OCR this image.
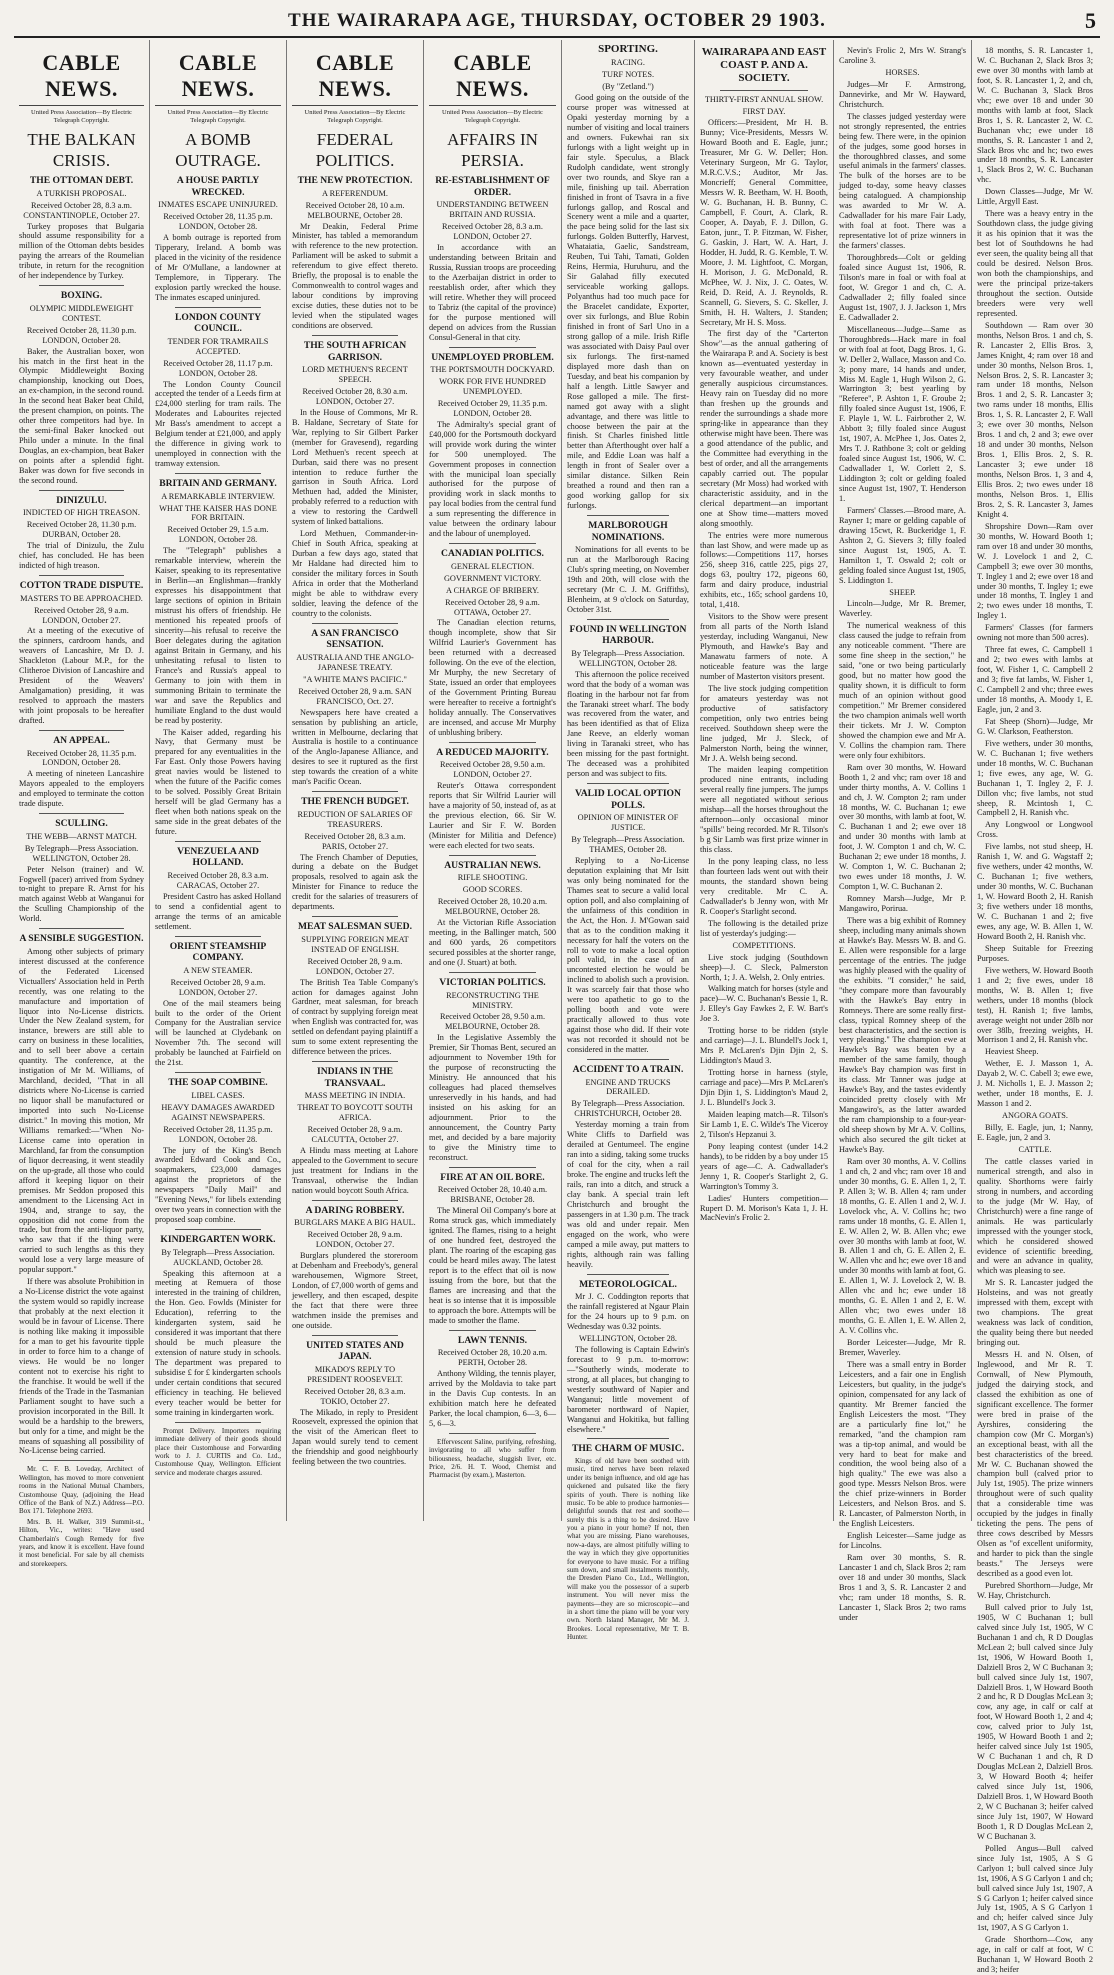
THE WAIRARAPA AGE, THURSDAY, OCTOBER 29 1903.	5
CABLE NEWS.
United Press Association—By Electric Telegraph Copyright.
THE BALKAN CRISIS.
THE OTTOMAN DEBT.
A TURKISH PROPOSAL.
Received October 28, 8.3 a.m. CONSTANTINOPLE, October 27.

Turkey proposes that Bulgaria should assume responsibility for a million of the Ottoman debts besides paying the arrears of the Roumelian tribute, in return for the recognition of her independence by Turkey.

BOXING.
OLYMPIC MIDDLEWEIGHT CONTEST.
Received October 28, 11.30 p.m. LONDON, October 28.

Baker, the Australian boxer, won his match in the first heat in the Olympic Middleweight Boxing championship, knocking out Does, an ex-champion, in the second round. In the second heat Baker beat Child, the present champion, on points. The other three competitors had bye. In the semi-final Baker knocked out Philo under a minute. In the final Douglas, an ex-champion, beat Baker on points after a splendid fight. Baker was down for five seconds in the second round.

DINIZULU.
INDICTED OF HIGH TREASON.
Received October 28, 11.30 p.m. DURBAN, October 28.

The trial of Dinizulu, the Zulu chief, has concluded. He has been indicted of high treason.

COTTON TRADE DISPUTE.
MASTERS TO BE APPROACHED.
Received October 28, 9 a.m. LONDON, October 27.

At a meeting of the executive of the spinners, cardroom hands, and weavers of Lancashire, Mr D. J. Shackleton (Labour M.P., for the Clitheroe Division of Lancashire and President of the Weavers' Amalgamation) presiding, it was resolved to approach the masters with joint proposals to be hereafter drafted.

AN APPEAL.
Received October 28, 11.35 p.m. LONDON, October 28.

A meeting of nineteen Lancashire Mayors appealed to the employers and employed to terminate the cotton trade dispute.

SCULLING.
THE WEBB—ARNST MATCH.
By Telegraph—Press Association. WELLINGTON, October 28.

Peter Nelson (trainer) and W. Fogwell (pacer) arrived from Sydney to-night to prepare R. Arnst for his match against Webb at Wanganui for the Sculling Championship of the World.

A SENSIBLE SUGGESTION.

Among other subjects of primary interest discussed at the conference of the Federated Licensed Victuallers' Association held in Perth recently, was one relating to the manufacture and importation of liquor into No-License districts. Under the New Zealand system, for instance, brewers are still able to carry on business in these localities, and to sell beer above a certain quantity. The conference, at the instigation of Mr M. Williams, of Marchland, decided, "That in all districts where No-License is carried no liquor shall be manufactured or imported into such No-License district." In moving this motion, Mr Williams remarked:—"When No-License came into operation in Marchland, far from the consumption of liquor decreasing, it went steadily on the up-grade, all those who could afford it keeping liquor on their premises. Mr Seddon proposed this amendment to the Licensing Act in 1904, and, strange to say, the opposition did not come from the trade, but from the anti-liquor party, who saw that if the thing were carried to such lengths as this they would lose a very large measure of popular support."

If there was absolute Prohibition in a No-License district the vote against the system would so rapidly increase that probably at the next election it would be in favour of License. There is nothing like making it impossible for a man to get his favourite tipple in order to force him to a change of views. He would be no longer content not to exercise his right to the franchise. It would be well if the friends of the Trade in the Tasmanian Parliament sought to have such a provision incorporated in the Bill. It would be a hardship to the brewers, but only for a time, and might be the means of squashing all possibility of No-License being carried.

Mr. C. F. B. Loveday, Architect of Wellington, has moved to more convenient rooms in the National Mutual Chambers, Customhouse Quay, (adjoining the Head Office of the Bank of N.Z.) Address—P.O. Box 171. Telephone 2693.

Mrs. B. H. Walker, 319 Summit-st., Hilton, Vic., writes: "Have used Chamberlain's Cough Remedy for five years, and know it is excellent. Have found it most beneficial. For sale by all chemists and storekeepers.

CABLE NEWS.
United Press Association—By Electric Telegraph Copyright.
A BOMB OUTRAGE.
A HOUSE PARTLY WRECKED.
INMATES ESCAPE UNINJURED.
Received October 28, 11.35 p.m. LONDON, October 28.

A bomb outrage is reported from Tipperary, Ireland. A bomb was placed in the vicinity of the residence of Mr O'Mullane, a landowner at Templemore, in Tipperary. The explosion partly wrecked the house. The inmates escaped uninjured.

LONDON COUNTY COUNCIL.
TENDER FOR TRAMRAILS ACCEPTED.
Received October 28, 11.17 p.m. LONDON, October 28.

The London County Council accepted the tender of a Leeds firm at £24,000 sterling for tram rails. The Moderates and Labourites rejected Mr Bass's amendment to accept a Belgium tender at £21,000, and apply the difference in giving work to unemployed in connection with the tramway extension.

BRITAIN AND GERMANY.
A REMARKABLE INTERVIEW.
WHAT THE KAISER HAS DONE FOR BRITAIN.
Received October 29, 1.5 a.m. LONDON, October 28.

The "Telegraph" publishes a remarkable interview, wherein the Kaiser, speaking to its representative in Berlin—an Englishman—frankly expresses his disappointment that large sections of opinion in Britain mistrust his offers of friendship. He mentioned his repeated proofs of sincerity—his refusal to receive the Boer delegates during the agitation against Britain in Germany, and his unhesitating refusal to listen to France's and Russia's appeal to Germany to join with them in summoning Britain to terminate the war and save the Republics and humiliate England to the dust would be read by posterity.

The Kaiser added, regarding his Navy, that Germany must be prepared for any eventualities in the Far East. Only those Powers having great navies would be listened to when the future of the Pacific comes to be solved. Possibly Great Britain herself will be glad Germany has a fleet when both nations speak on the same side in the great debates of the future.

VENEZUELA AND HOLLAND.
Received October 28, 8.3 a.m. CARACAS, October 27.

President Castro has asked Holland to send a confidential agent to arrange the terms of an amicable settlement.

ORIENT STEAMSHIP COMPANY.
A NEW STEAMER.
Received October 28, 9 a.m. LONDON, October 27.

One of the mail steamers being built to the order of the Orient Company for the Australian service will be launched at Clydebank on November 7th. The second will probably be launched at Fairfield on the 21st.

THE SOAP COMBINE.
LIBEL CASES.
HEAVY DAMAGES AWARDED AGAINST NEWSPAPERS.
Received October 28, 11.35 p.m. LONDON, October 28.

The jury of the King's Bench awarded Edward Cook and Co., soapmakers, £23,000 damages against the proprietors of the newspapers "Daily Mail" and "Evening News," for libels extending over two years in connection with the proposed soap combine.

KINDERGARTEN WORK.
By Telegraph—Press Association. AUCKLAND, October 28.

Speaking this afternoon at a meeting at Remuera of those interested in the training of children, the Hon. Geo. Fowlds (Minister for Education), referring to the kindergarten system, said he considered it was important that there should be much pleasure the extension of nature study in schools. The department was prepared to subsidise £ for £ kindergarten schools under certain conditions that secured efficiency in teaching. He believed every teacher would be better for some training in kindergarten work.

Prompt Delivery. Importers requiring immediate delivery of their goods should place their Customhouse and Forwarding work to J. J. CURTIS and Co. Ltd., Customhouse Quay, Wellington. Efficient service and moderate charges assured.

CABLE NEWS.
United Press Association—By Electric Telegraph Copyright.
FEDERAL POLITICS.
THE NEW PROTECTION.
A REFERENDUM.
Received October 28, 10 a.m. MELBOURNE, October 28.

Mr Deakin, Federal Prime Minister, has tabled a memorandum with reference to the new protection. Parliament will be asked to submit a referendum to give effect thereto. Briefly, the proposal is to enable the Commonwealth to control wages and labour conditions by improving excise duties, these duties not to be levied when the stipulated wages conditions are observed.

THE SOUTH AFRICAN GARRISON.
LORD METHUEN'S RECENT SPEECH.
Received October 28, 8.30 a.m. LONDON, October 27.

In the House of Commons, Mr R. B. Haldane, Secretary of State for War, replying to Sir Gilbert Parker (member for Gravesend), regarding Lord Methuen's recent speech at Durban, said there was no present intention to reduce further the garrison in South Africa. Lord Methuen had, added the Minister, probably referred to a reduction with a view to restoring the Cardwell system of linked battalions.

Lord Methuen, Commander-in-Chief in South Africa, speaking at Durban a few days ago, stated that Mr Haldane had directed him to consider the military forces in South Africa in order that the Motherland might be able to withdraw every soldier, leaving the defence of the country to the colonists.

A SAN FRANCISCO SENSATION.
AUSTRALIA AND THE ANGLO-JAPANESE TREATY.
"A WHITE MAN'S PACIFIC."
Received October 28, 9 a.m. SAN FRANCISCO, Oct. 27.

Newspapers here have created a sensation by publishing an article, written in Melbourne, declaring that Australia is hostile to a continuance of the Anglo-Japanese Alliance, and desires to see it ruptured as the first step towards the creation of a white man's Pacific Ocean.

THE FRENCH BUDGET.
REDUCTION OF SALARIES OF TREASURERS.
Received October 28, 8.3 a.m. PARIS, October 27.

The French Chamber of Deputies, during a debate on the Budget proposals, resolved to again ask the Minister for Finance to reduce the credit for the salaries of treasurers of departments.

MEAT SALESMAN SUED.
SUPPLYING FOREIGN MEAT INSTEAD OF ENGLISH.
Received October 28, 9 a.m. LONDON, October 27.

The British Tea Table Company's action for damages against John Gardner, meat salesman, for breach of contract by supplying foreign meat when English was contracted for, was settled on defendant paying plaintiff a sum to some extent representing the difference between the prices.

INDIANS IN THE TRANSVAAL.
MASS MEETING IN INDIA.
THREAT TO BOYCOTT SOUTH AFRICA.
Received October 28, 9 a.m. CALCUTTA, October 27.

A Hindu mass meeting at Lahore appealed to the Government to secure just treatment for Indians in the Transvaal, otherwise the Indian nation would boycott South Africa.

A DARING ROBBERY.
BURGLARS MAKE A BIG HAUL.
Received October 28, 9 a.m. LONDON, October 27.

Burglars plundered the storeroom at Debenham and Freebody's, general warehousemen, Wigmore Street, London, of £7,000 worth of gems and jewellery, and then escaped, despite the fact that there were three watchmen inside the premises and one outside.

UNITED STATES AND JAPAN.
MIKADO'S REPLY TO PRESIDENT ROOSEVELT.
Received October 28, 8.3 a.m. TOKIO, October 27.

The Mikado, in reply to President Roosevelt, expressed the opinion that the visit of the American fleet to Japan would surely tend to cement the friendship and good neighbourly feeling between the two countries.

CABLE NEWS.
United Press Association—By Electric Telegraph Copyright.
AFFAIRS IN PERSIA.
RE-ESTABLISHMENT OF ORDER.
UNDERSTANDING BETWEEN BRITAIN AND RUSSIA.
Received October 28, 8.3 a.m. LONDON, October 27.

In accordance with an understanding between Britain and Russia, Russian troops are proceeding to the Azerbaijan district in order to reestablish order, after which they will retire. Whether they will proceed to Tabriz (the capital of the province) for the purpose mentioned will depend on advices from the Russian Consul-General in that city.

UNEMPLOYED PROBLEM.
THE PORTSMOUTH DOCKYARD.
WORK FOR FIVE HUNDRED UNEMPLOYED.
Received October 29, 11.35 p.m. LONDON, October 28.

The Admiralty's special grant of £40,000 for the Portsmouth dockyard will provide work during the winter for 500 unemployed. The Government proposes in connection with the municipal loan specially authorised for the purpose of providing work in slack months to pay local bodies from the central fund a sum representing the difference in value between the ordinary labour and the labour of unemployed.

CANADIAN POLITICS.
GENERAL ELECTION.
GOVERNMENT VICTORY.
A CHARGE OF BRIBERY.
Received October 28, 9 a.m. OTTAWA, October 27.

The Canadian election returns, though incomplete, show that Sir Wilfrid Laurier's Government has been returned with a decreased following. On the eve of the election, Mr Murphy, the new Secretary of State, issued an order that employees of the Government Printing Bureau were hereafter to receive a fortnight's holiday annually. The Conservatives are incensed, and accuse Mr Murphy of unblushing bribery.

A REDUCED MAJORITY.
Received October 28, 9.50 a.m. LONDON, October 27.

Reuter's Ottawa correspondent reports that Sir Wilfrid Laurier will have a majority of 50, instead of, as at the previous election, 66. Sir W. Laurier and Sir F. W. Borden (Minister for Militia and Defence) were each elected for two seats.

AUSTRALIAN NEWS.
RIFLE SHOOTING.
GOOD SCORES.
Received October 28, 10.20 a.m. MELBOURNE, October 28.

At the Victorian Rifle Association meeting, in the Ballinger match, 500 and 600 yards, 26 competitors secured possibles at the shorter range, and one (J. Stuart) at both.

VICTORIAN POLITICS.
RECONSTRUCTING THE MINISTRY.
Received October 28, 9.50 a.m. MELBOURNE, October 28.

In the Legislative Assembly the Premier, Sir Thomas Bent, secured an adjournment to November 19th for the purpose of reconstructing the Ministry. He announced that his colleagues had placed themselves unreservedly in his hands, and had insisted on his asking for an adjournment. Prior to the announcement, the Country Party met, and decided by a bare majority to give the Ministry time to reconstruct.

FIRE AT AN OIL BORE.
Received October 28, 10.40 a.m. BRISBANE, October 28.

The Mineral Oil Company's bore at Roma struck gas, which immediately ignited. The flames, rising to a height of one hundred feet, destroyed the plant. The roaring of the escaping gas could be heard miles away. The latest report is to the effect that oil is now issuing from the bore, but that the flames are increasing and that the heat is so intense that it is impossible to approach the bore. Attempts will be made to smother the flame.

LAWN TENNIS.
Received October 28, 10.20 a.m. PERTH, October 28.

Anthony Wilding, the tennis player, arrived by the Moldavia to take part in the Davis Cup contests. In an exhibition match here he defeated Parker, the local champion, 6—3, 6—5, 6—3.

Effervescent Saline, purifying, refreshing, invigorating to all who suffer from biliousness, headache, sluggish liver, etc. Price, 2/6. H. T. Wood, Chemist and Pharmacist (by exam.), Masterton.

SPORTING.
RACING.
TURF NOTES.
(By "Zetland.")

Good going on the outside of the course proper was witnessed at Opaki yesterday morning by a number of visiting and local trainers and owners. Fukewhai ran six furlongs with a light weight up in fair style. Speculus, a Black Rudolph candidate, went strongly over two rounds, and Skye ran a mile, finishing up tail. Aberration finished in front of Tsavra in a five furlongs gallop, and Roscal and Scenery went a mile and a quarter, the pace being solid for the last six furlongs. Golden Butterfly, Harvest, Whataiatia, Gaelic, Sandstream, Reuben, Tui Tahi, Tamati, Golden Reins, Hermia, Huruhuru, and the Sir Galahad filly executed serviceable working gallops. Polyanthus had too much pace for the Bracelet candidate, Exporter, over six furlongs, and Blue Robin finished in front of Sarl Uno in a strong gallop of a mile. Irish Rifle was associated with Daisy Paul over six furlongs. The first-named displayed more dash than on Tuesday, and beat his companion by half a length. Little Sawyer and Rose galloped a mile. The first-named got away with a slight advantage, and there was little to choose between the pair at the finish. St Charles finished little better than Afterthought over half a mile, and Eddie Loan was half a length in front of Sealer over a similar distance. Silken Rein breathed a round and then ran a good working gallop for six furlongs.

MARLBOROUGH NOMINATIONS.

Nominations for all events to be run at the Marlborough Racing Club's spring meeting, on November 19th and 20th, will close with the secretary (Mr C. J. M. Griffiths), Blenheim, at 9 o'clock on Saturday, October 31st.

FOUND IN WELLINGTON HARBOUR.
By Telegraph—Press Association. WELLINGTON, October 28.

This afternoon the police received word that the body of a woman was floating in the harbour not far from the Taranaki street wharf. The body was recovered from the water, and has been identified as that of Eliza Jane Reeve, an elderly woman living in Taranaki street, who has been missing for the past fortnight. The deceased was a prohibited person and was subject to fits.

VALID LOCAL OPTION POLLS.
OPINION OF MINISTER OF JUSTICE.
By Telegraph—Press Association. THAMES, October 28.

Replying to a No-License deputation explaining that Mr Isitt was only being nominated for the Thames seat to secure a valid local option poll, and also complaining of the unfairness of this condition in the Act, the Hon. J. M'Gowan said that as to the condition making it necessary for half the voters on the roll to vote to make a local option poll valid, in the case of an uncontested election he would be inclined to abolish such a provision. It was scarcely fair that those who were too apathetic to go to the polling booth and vote were practically allowed to thus vote against those who did. If their vote was not recorded it should not be considered in the matter.

ACCIDENT TO A TRAIN.
ENGINE AND TRUCKS DERAILED.
By Telegraph—Press Association. CHRISTCHURCH, October 28.

Yesterday morning a train from White Cliffs to Darfield was derailed at Gentumeel. The engine ran into a siding, taking some trucks of coal for the city, when a rail broke. The engine and trucks left the rails, ran into a ditch, and struck a clay bank. A special train left Christchurch and brought the passengers in at 1.30 p.m. The track was old and under repair. Men engaged on the work, who were camped a mile away, put matters to rights, although rain was falling heavily.

METEOROLOGICAL.

Mr J. C. Coddington reports that the rainfall registered at Ngaur Plain for the 24 hours up to 9 p.m. on Wednesday was 0.32 points.

WELLINGTON, October 28.

The following is Captain Edwin's forecast to 9 p.m. to-morrow:—"Southerly winds, moderate to strong, at all places, but changing to westerly southward of Napier and Wanganui; little movement of barometer northward of Napier, Wanganui and Hokitika, but falling elsewhere."

THE CHARM OF MUSIC.

Kings of old have been soothed with music, tired nerves have been relaxed under its benign influence, and old age has quickened and pulsated like the fiery spirits of youth. There is nothing like music. To be able to produce harmonies—delightful sounds that rest and soothe—surely this is a thing to be desired. Have you a piano in your home? If not, then what you are missing. Piano warehouses, now-a-days, are almost pitifully willing to the way in which they give opportunities for everyone to have music. For a trifling sum down, and small instalments monthly, the Dresden Piano Co., Ltd., Wellington, will make you the possessor of a superb instrument. You will never miss the payments—they are so microscopic—and in a short time the piano will be your very own. North Island Manager, Mr M. J. Brookes. Local representative, Mr T. B. Hunter.

WAIRARAPA AND EAST COAST P. AND A. SOCIETY.
THIRTY-FIRST ANNUAL SHOW.
FIRST DAY.

Officers:—President, Mr H. B. Bunny; Vice-Presidents, Messrs W. Howard Booth and E. Eagle, junr.; Treasurer, Mr G. W. Deller; Hon. Veterinary Surgeon, Mr G. Taylor, M.R.C.V.S.; Auditor, Mr Jas. Moncrieff; General Committee, Messrs W. R. Beetham, W. H. Booth, W. G. Buchanan, H. B. Bunny, C. Campbell, F. Court, A. Clark, R. Cooper, A. Dayab, F. J. Dillon, G. Eaton, junr., T. P. Fitzman, W. Fisher, G. Gaskin, J. Hart, W. A. Hart, J. Hodder, H. Judd, R. G. Kemble, T. W. Moore, J. M. Lightfoot, C. Morgan, H. Morison, J. G. McDonald, R. McPhee, W. J. Nix, J. C. Oates, W. Reid, D. Reid, A. J. Reynolds, R. Scannell, G. Sievers, S. C. Skeller, J. Smith, H. H. Walters, J. Standen; Secretary, Mr H. S. Moss.

The first day of the "Carterton Show"—as the annual gathering of the Wairarapa P. and A. Society is best known as—eventuated yesterday in very favourable weather, and under generally auspicious circumstances. Heavy rain on Tuesday did no more than freshen up the grounds and render the surroundings a shade more spring-like in appearance than they otherwise might have been. There was a good attendance of the public, and the Committee had everything in the best of order, and all the arrangements capably carried out. The popular secretary (Mr Moss) had worked with characteristic assiduity, and in the clerical department—an important one at Show time—matters moved along smoothly.

The entries were more numerous than last Show, and were made up as follows:—Competitions 117, horses 256, sheep 316, cattle 225, pigs 27, dogs 63, poultry 172, pigeons 60, farm and dairy produce, industrial exhibits, etc., 165; school gardens 10, total, 1,418.

Visitors to the Show were present from all parts of the North Island yesterday, including Wanganui, New Plymouth, and Hawke's Bay and Manawatu farmers of note. A noticeable feature was the large number of Masterton visitors present.

The live stock judging competition for amateurs yesterday was not productive of satisfactory competition, only two entries being received. Southdown sheep were the line judged, Mr J. Sleck, of Palmerston North, being the winner, Mr J. A. Welsh being second.

The maiden leaping competition produced nine entrants, including several really fine jumpers. The jumps were all negotiated without serious mishap—all the horses throughout the afternoon—only occasional minor "spills" being recorded. Mr R. Tilson's b g Sir Lamb was first prize winner in this class.

In the pony leaping class, no less than fourteen lads went out with their mounts, the standard shown being very creditable. Mr C. A. Cadwallader's b Jenny won, with Mr R. Cooper's Starlight second.

The following is the detailed prize list of yesterday's judging:—

COMPETITIONS.

Live stock judging (Southdown sheep)—J. C. Sleck, Palmerston North, 1; J. A. Welsh, 2. Only entries.

Walking match for horses (style and pace)—W. C. Buchanan's Bessie 1, R. J. Elley's Gay Fawkes 2, F. W. Bart's Joe 3.

Trotting horse to be ridden (style and carriage)—J. L. Blundell's Jock 1, Mrs P. McLaren's Djin Djin 2, S. Liddington's Maud 3.

Trotting horse in harness (style, carriage and pace)—Mrs P. McLaren's Djin Djin 1, S. Liddington's Maud 2, J. L. Blundell's Jock 3.

Maiden leaping match—R. Tilson's Sir Lamb 1, E. C. Wilde's The Viceroy 2, Tilson's Hepzanui 3.

Pony leaping contest (under 14.2 hands), to be ridden by a boy under 15 years of age—C. A. Cadwallader's Jenny 1, R. Cooper's Starlight 2, G. Warrington's Tommy 3.

Ladies' Hunters competition—Rupert D. M. Morison's Kata 1, J. H. MacNevin's Frolic 2.

Nevin's Frolic 2, Mrs W. Strang's Caroline 3.

HORSES.

Judges—Mr F. Armstrong, Dannevirke, and Mr W. Hayward, Christchurch.

The classes judged yesterday were not strongly represented, the entries being few. There were, in the opinion of the judges, some good horses in the thoroughbred classes, and some useful animals in the farmers' classes. The bulk of the horses are to be judged to-day, some heavy classes being catalogued. A championship was awarded to Mr W. A. Cadwallader for his mare Fair Lady, with foal at foot. There was a representative lot of prize winners in the farmers' classes.

Thoroughbreds—Colt or gelding foaled since August 1st, 1906, R. Tilson's mare in foal or with foal at foot, W. Gregor 1 and ch, C. A. Cadwallader 2; filly foaled since August 1st, 1907, J. J. Jackson 1, Mrs E. Cadwallader 2.

Miscellaneous—Judge—Same as Thoroughbreds—Hack mare in foal or with foal at foot, Dagg Bros. 1, G. W. Deller 2, Wallace, Masson and Co. 3; pony mare, 14 hands and under, Miss M. Eagle 1, Hugh Wilson 2, G. Warrington 3; best yearling by "Referee", P. Ashton 1, F. Groube 2; filly foaled since August 1st, 1906, F. F. Playle 1, W. L. Fairbrother 2, W. Abbott 3; filly foaled since August 1st, 1907, A. McPhee 1, Jos. Oates 2, Mrs T. J. Rathbone 3; colt or gelding foaled since August 1st, 1906, W. C. Cadwallader 1, W. Corlett 2, S. Liddington 3; colt or gelding foaled since August 1st, 1907, T. Henderson 1.

Farmers' Classes.—Brood mare, A. Rayner 1; mare or gelding capable of drawing 15cwt, R. Buckeridge 1, F. Ashton 2, G. Sievers 3; filly foaled since August 1st, 1905, A. T. Hamilton 1, T. Oswald 2; colt or gelding foaled since August 1st, 1905, S. Liddington 1.

SHEEP.

Lincoln—Judge, Mr R. Bremer, Waverley.

The numerical weakness of this class caused the judge to refrain from any noticeable comment. "There are some fine sheep in the section," he said, "one or two being particularly good, but no matter how good the quality shown, it is difficult to form much of an opinion without good competition." Mr Bremer considered the two champion animals well worth their tickets. Mr J. W. Compton showed the champion ewe and Mr A. V. Collins the champion ram. There were only four exhibitors.

Ram over 30 months, W. Howard Booth 1, 2 and vhc; ram over 18 and under thirty months, A. V. Collins 1 and ch, J. W. Compton 2; ram under 18 months, W. C. Buchanan 1; ewe over 30 months, with lamb at foot, W. C. Buchanan 1 and 2; ewe over 18 and under 30 months with lamb at foot, J. W. Compton 1 and ch, W. C. Buchanan 2; ewe under 18 months, J. W. Compton 1, W. C. Buchanan 2; two ewes under 18 months, J. W. Compton 1, W. C. Buchanan 2.

Romney Marsh—Judge, Mr P. Mangawiro, Porirua.

There was a big exhibit of Romney sheep, including many animals shown at Hawke's Bay. Messrs W. B. and G. E. Allen were responsible for a large percentage of the entries. The judge was highly pleased with the quality of the exhibits. "I consider," he said, "they compare more than favourably with the Hawke's Bay entry in Romneys. There are some really first-class, typical Romney sheep of the best characteristics, and the section is very pleasing." The champion ewe at Hawke's Bay was beaten by a member of the same family, though Hawke's Bay champion was first in its class. Mr Tanner was judge at Hawke's Bay, and the tastes evidently coincided pretty closely with Mr Mangawiro's, as the latter awarded the ram championship to a four-year-old sheep shown by Mr A. V. Collins, which also secured the gilt ticket at Hawke's Bay.

Ram over 30 months, A. V. Collins 1 and ch, 2 and vhc; ram over 18 and under 30 months, G. E. Allen 1, 2, T. P. Allen 3; W. B. Allen 4; ram under 18 months, G. E. Allen 1 and 2, W. J. Lovelock vhc, A. V. Collins hc; two rams under 18 months, G. E. Allen 1, E. W. Allen 2, W. B. Allen vhc; ewe over 30 months with lamb at foot, W. B. Allen 1 and ch, G. E. Allen 2, E. W. Allen vhc and hc; ewe over 18 and under 30 months with lamb at foot, G. E. Allen 1, W. J. Lovelock 2, W. B. Allen vhc and hc; ewe under 18 months, G. E. Allen 1 and 2, E. W. Allen vhc; two ewes under 18 months, G. E. Allen 1, E. W. Allen 2, A. V. Collins vhc.

Border Leicester—Judge, Mr R. Bremer, Waverley.

There was a small entry in Border Leicesters, and a fair one in English Leicesters, but quality, in the judge's opinion, compensated for any lack of quantity. Mr Bremer fancied the English Leicesters the most. "They are a particularly fine lot," he remarked, "and the champion ram was a tip-top animal, and would be very hard to beat for make and condition, the wool being also of a high quality." The ewe was also a good type. Messrs Nelson Bros. were the chief prize-winners in Border Leicesters, and Nelson Bros. and S. R. Lancaster, of Palmerston North, in the English Leicesters.

English Leicester—Same judge as for Lincolns.

Ram over 30 months, S. R. Lancaster 1 and ch, Slack Bros 2; ram over 18 and under 30 months, Slack Bros 1 and 3, S. R. Lancaster 2 and vhc; ram under 18 months, S. R. Lancaster 1, Slack Bros 2; two rams under

18 months, S. R. Lancaster 1, W. C. Buchanan 2, Slack Bros 3; ewe over 30 months with lamb at foot, S. R. Lancaster 1, 2, and ch, W. C. Buchanan 3, Slack Bros vhc; ewe over 18 and under 30 months with lamb at foot, Slack Bros 1, S. R. Lancaster 2, W. C. Buchanan vhc; ewe under 18 months, S. R. Lancaster 1 and 2, Slack Bros vhc and hc; two ewes under 18 months, S. R. Lancaster 1, Slack Bros 2, W. C. Buchanan vhc.

Down Classes—Judge, Mr W. Little, Argyll East.

There was a heavy entry in the Southdown class, the judge giving it as his opinion that it was the best lot of Southdowns he had ever seen, the quality being all that could be desired. Nelson Bros. won both the championships, and were the principal prize-takers throughout the section. Outside breeders were very well represented.

Southdown — Ram over 30 months, Nelson Bros. 1 and ch, S. R. Lancaster 2, Ellis Bros. 3, James Knight, 4; ram over 18 and under 30 months, Nelson Bros. 1, Nelson Bros. 2, S. R. Lancaster 3; ram under 18 months, Nelson Bros. 1 and 2, S. R. Lancaster 3; two rams under 18 months, Ellis Bros. 1, S. R. Lancaster 2, F. Wall 3; ewe over 30 months, Nelson Bros. 1 and ch, 2 and 3; ewe over 18 and under 30 months, Nelson Bros. 1, Ellis Bros. 2, S. R. Lancaster 3; ewe under 18 months, Nelson Bros. 1, 3 and 4, Ellis Bros. 2; two ewes under 18 months, Nelson Bros. 1, Ellis Bros. 2, S. R. Lancaster 3, James Knight 4.

Shropshire Down—Ram over 30 months, W. Howard Booth 1; ram over 18 and under 30 months, W. J. Lovelock 1 and 2, C. Campbell 3; ewe over 30 months, T. Ingley 1 and 2; ewe over 18 and under 30 months, T. Ingley 1; ewe under 18 months, T. Ingley 1 and 2; two ewes under 18 months, T. Ingley 1.

Farmers' Classes (for farmers owning not more than 500 acres).

Three fat ewes, C. Campbell 1 and 2; two ewes with lambs at foot, W. Fisher 1, C. Campbell 2 and 3; five fat lambs, W. Fisher 1, C. Campbell 2 and vhc; three ewes under 18 months, A. Moody 1, E. Eagle, jun, 2 and 3.

Fat Sheep (Shorn)—Judge, Mr G. W. Clarkson, Featherston.

Five wethers, under 30 months, W. C. Buchanan 1; five wethers under 18 months, W. C. Buchanan 1; five ewes, any age, W. G. Buchanan 1, T. Ingley 2, F. J. Dillon vhc; five lambs, not stud sheep, R. Mcintosh 1, C. Campbell 2, H. Ranish vhc.

Any Longwool or Longwool Cross.

Five lambs, not stud sheep, H. Ranish 1, W. and G. Wagstaff 2; five wethers, under 42 months, W. C. Buchanan 1; five wethers, under 30 months, W. C. Buchanan 1, W. Howard Booth 2, H. Ranish 3; five wethers under 18 months, W. C. Buchanan 1 and 2; five ewes, any age, W. B. Allen 1, W. Howard Booth 2, H. Ranish vhc.

Sheep Suitable for Freezing Purposes.

Five wethers, W. Howard Booth 1 and 2; five ewes, under 18 months, W. B. Allen 1; five wethers, under 18 months (block test), H. Ranish 1; five lambs, average weight not under 28lb nor over 38lb, freezing weights, H. Morrison 1 and 2, H. Ranish vhc.

Heaviest Sheep.

Wether, E. J. Masson 1, A. Dayab 2, W. C. Cabell 3; ewe ewe, J. M. Nicholls 1, E. J. Masson 2; wether, under 18 months, E. J. Masson 1 and 2.

ANGORA GOATS.

Billy, E. Eagle, jun, 1; Nanny, E. Eagle, jun, 2 and 3.

CATTLE.

The cattle classes varied in numerical strength, and also in quality. Shorthorns were fairly strong in numbers, and according to the judge (Mr W. Hay, of Christchurch) were a fine range of animals. He was particularly impressed with the younger stock, which he considered showed evidence of scientific breeding, and were an advance in quality, which was pleasing to see.

Mr S. R. Lancaster judged the Holsteins, and was not greatly impressed with them, except with two champions. The great weakness was lack of condition, the quality being there but needed bringing out.

Messrs H. and N. Olsen, of Inglewood, and Mr R. T. Cornwall, of New Plymouth, judged the dairying stock, and classed the exhibition as one of significant excellence. The former were bred in praise of the Ayrshires, considering the champion cow (Mr C. Morgan's) an exceptional beast, with all the best characteristics of the breed. Mr W. C. Buchanan showed the champion bull (calved prior to July 1st, 1905). The prize winners throughout were of such quality that a considerable time was occupied by the judges in finally ticketing the pens. The pens of three cows described by Messrs Olsen as "of excellent uniformity, and harder to pick than the single beasts." The Jerseys were described as a good even lot.

Purebred Shorthorn—Judge, Mr W. Hay, Christchurch.

Bull calved prior to July 1st, 1905, W C Buchanan 1; bull calved since July 1st, 1905, W C Buchanan 1 and ch, R D Douglas McLean 2; bull calved since July 1st, 1906, W Howard Booth 1, Dalziell Bros 2, W C Buchanan 3; bull calved since July 1st, 1907, Dalziell Bros. 1, W Howard Booth 2 and hc, R D Douglas McLean 3; cow, any age, in calf or calf at foot, W Howard Booth 1, 2 and 4; cow, calved prior to July 1st, 1905, W Howard Booth 1 and 2; heifer calved since July 1st 1905, W C Buchanan 1 and ch, R D Douglas McLean 2, Dalziell Bros. 3, W Howard Booth 4; heifer calved since July 1st, 1906, Dalziell Bros. 1, W Howard Booth 2, W C Buchanan 3; heifer calved since July 1st, 1907, W Howard Booth 1, R D Douglas McLean 2, W C Buchanan 3.

Polled Angus—Bull calved since July 1st, 1905, A S G Carlyon 1; bull calved since July 1st, 1906, A S G Carlyon 1 and ch; bull calved since July 1st, 1907, A S G Carlyon 1; heifer calved since July 1st, 1905, A S G Carlyon 1 and ch; heifer calved since July 1st, 1907, A S G Carlyon 1.

Grade Shorthorn—Cow, any age, in calf or calf at foot, W C Buchanan 1, W Howard Booth 2 and 3; heifer
